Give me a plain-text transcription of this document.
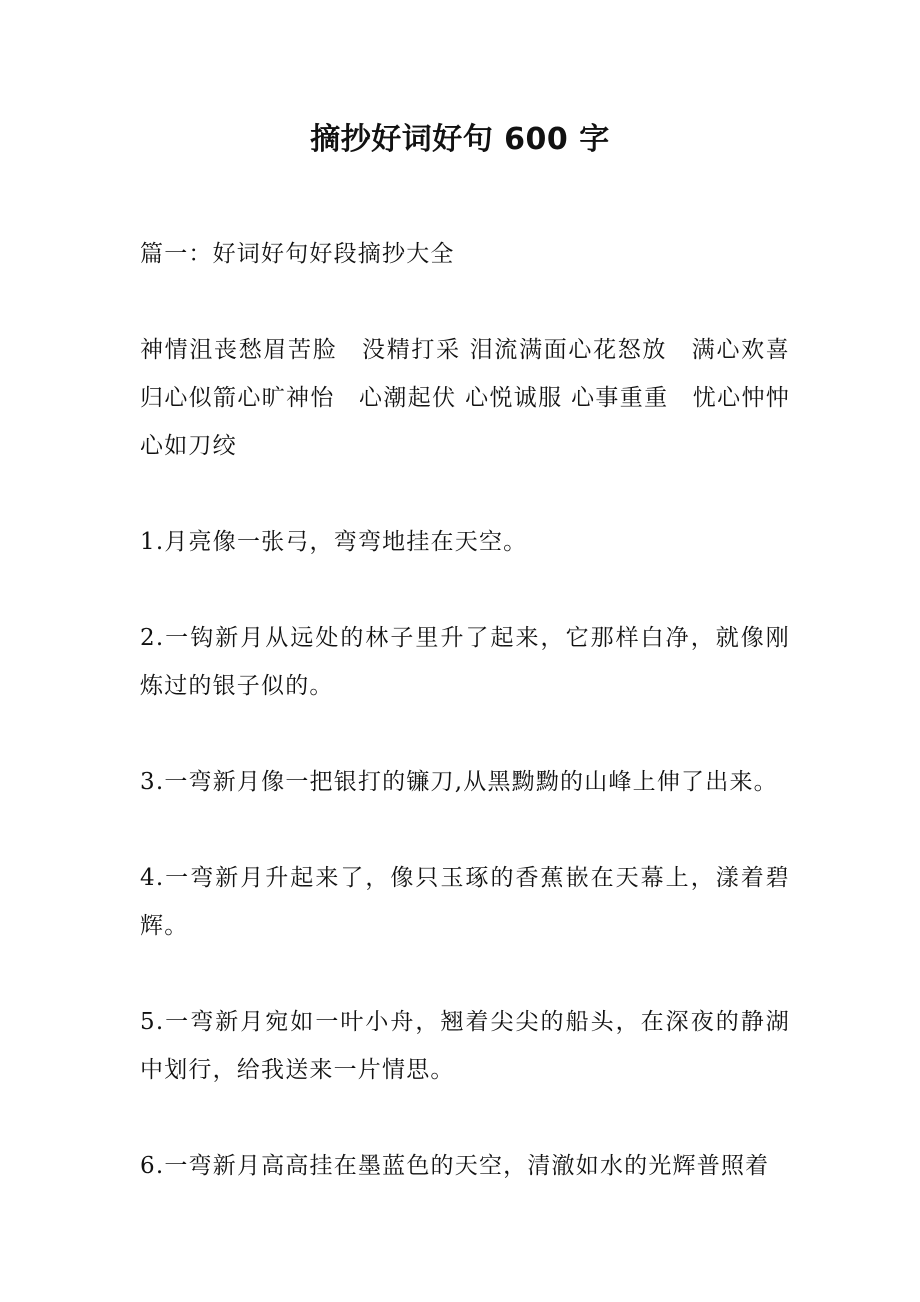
摘抄好词好句 600 字

篇一：好词好句好段摘抄大全

神情沮丧愁眉苦脸　没精打采 泪流满面心花怒放　满心欢喜 归心似箭心旷神怡　心潮起伏 心悦诚服 心事重重　忧心忡忡 心如刀绞

1.月亮像一张弓，弯弯地挂在天空。

2.一钩新月从远处的林子里升了起来，它那样白净，就像刚炼过的银子似的。

3.一弯新月像一把银打的镰刀,从黑黝黝的山峰上伸了出来。

4.一弯新月升起来了，像只玉琢的香蕉嵌在天幕上，漾着碧辉。

5.一弯新月宛如一叶小舟，翘着尖尖的船头，在深夜的静湖中划行，给我送来一片情思。

6.一弯新月高高挂在墨蓝色的天空，清澈如水的光辉普照着
